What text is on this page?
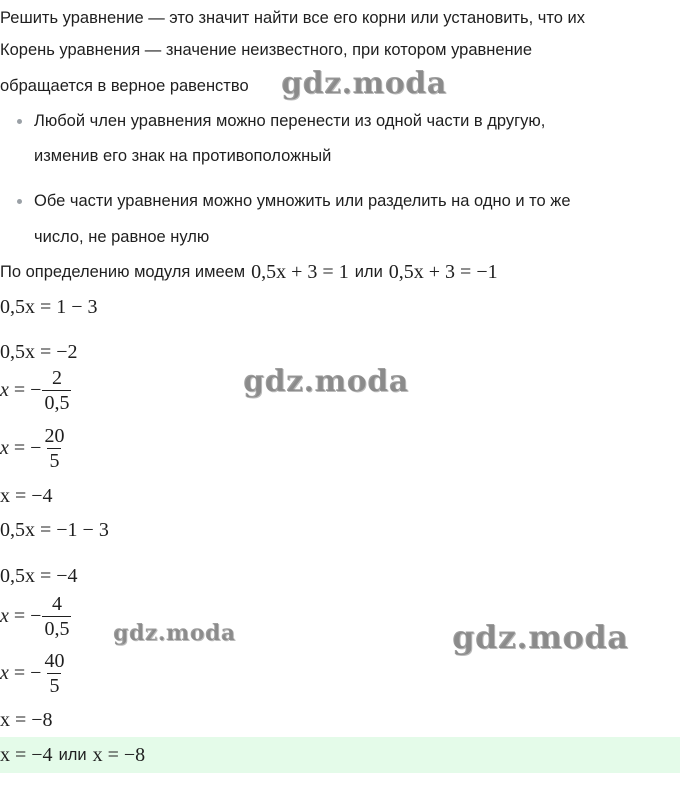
Решить уравнение — это значит найти все его корни или установить, что их
Корень уравнения — значение неизвестного, при котором уравнение
обращается в верное равенство
Любой член уравнения можно перенести из одной части в другую,
изменив его знак на противоположный
Обе части уравнения можно умножить или разделить на одно и то же
число, не равное нулю
По определению модуля имеем 0,5x + 3 = 1 или 0,5x + 3 = −1
0,5x = 1 − 3
0,5x = −2
x = − $\frac{2}{0,5}$
x = − $\frac{20}{5}$
x = −4
0,5x = −1 − 3
0,5x = −4
x = − $\frac{4}{0,5}$
x = − $\frac{40}{5}$
x = −8
x = −4 или x = −8
gdz.moda
gdz.moda
gdz.moda	gdz.moda
